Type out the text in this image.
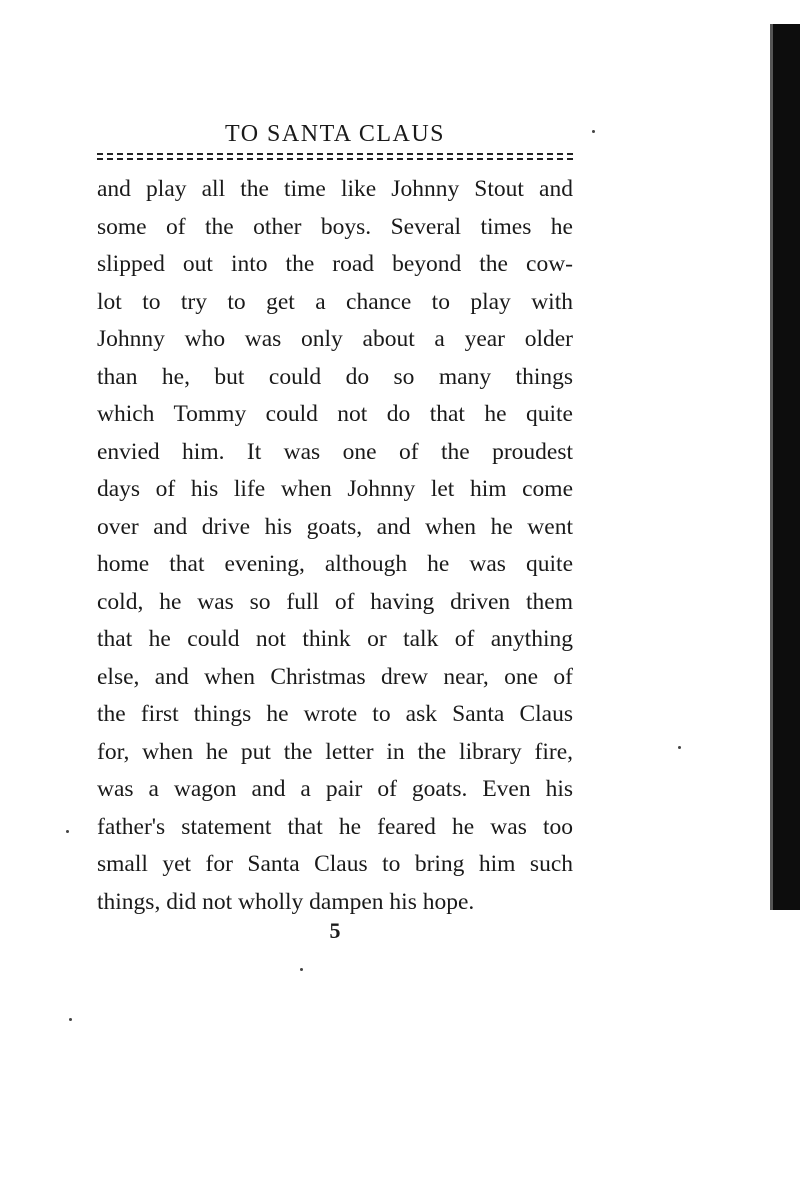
TO SANTA CLAUS
and play all the time like Johnny Stout and
some of the other boys. Several times he
slipped out into the road beyond the cow-
lot to try to get a chance to play with
Johnny who was only about a year older
than he, but could do so many things
which Tommy could not do that he quite
envied him. It was one of the proudest
days of his life when Johnny let him come
over and drive his goats, and when he went
home that evening, although he was quite
cold, he was so full of having driven them
that he could not think or talk of anything
else, and when Christmas drew near, one of
the first things he wrote to ask Santa Claus
for, when he put the letter in the library fire,
was a wagon and a pair of goats. Even his
father's statement that he feared he was too
small yet for Santa Claus to bring him such
things, did not wholly dampen his hope.
5
